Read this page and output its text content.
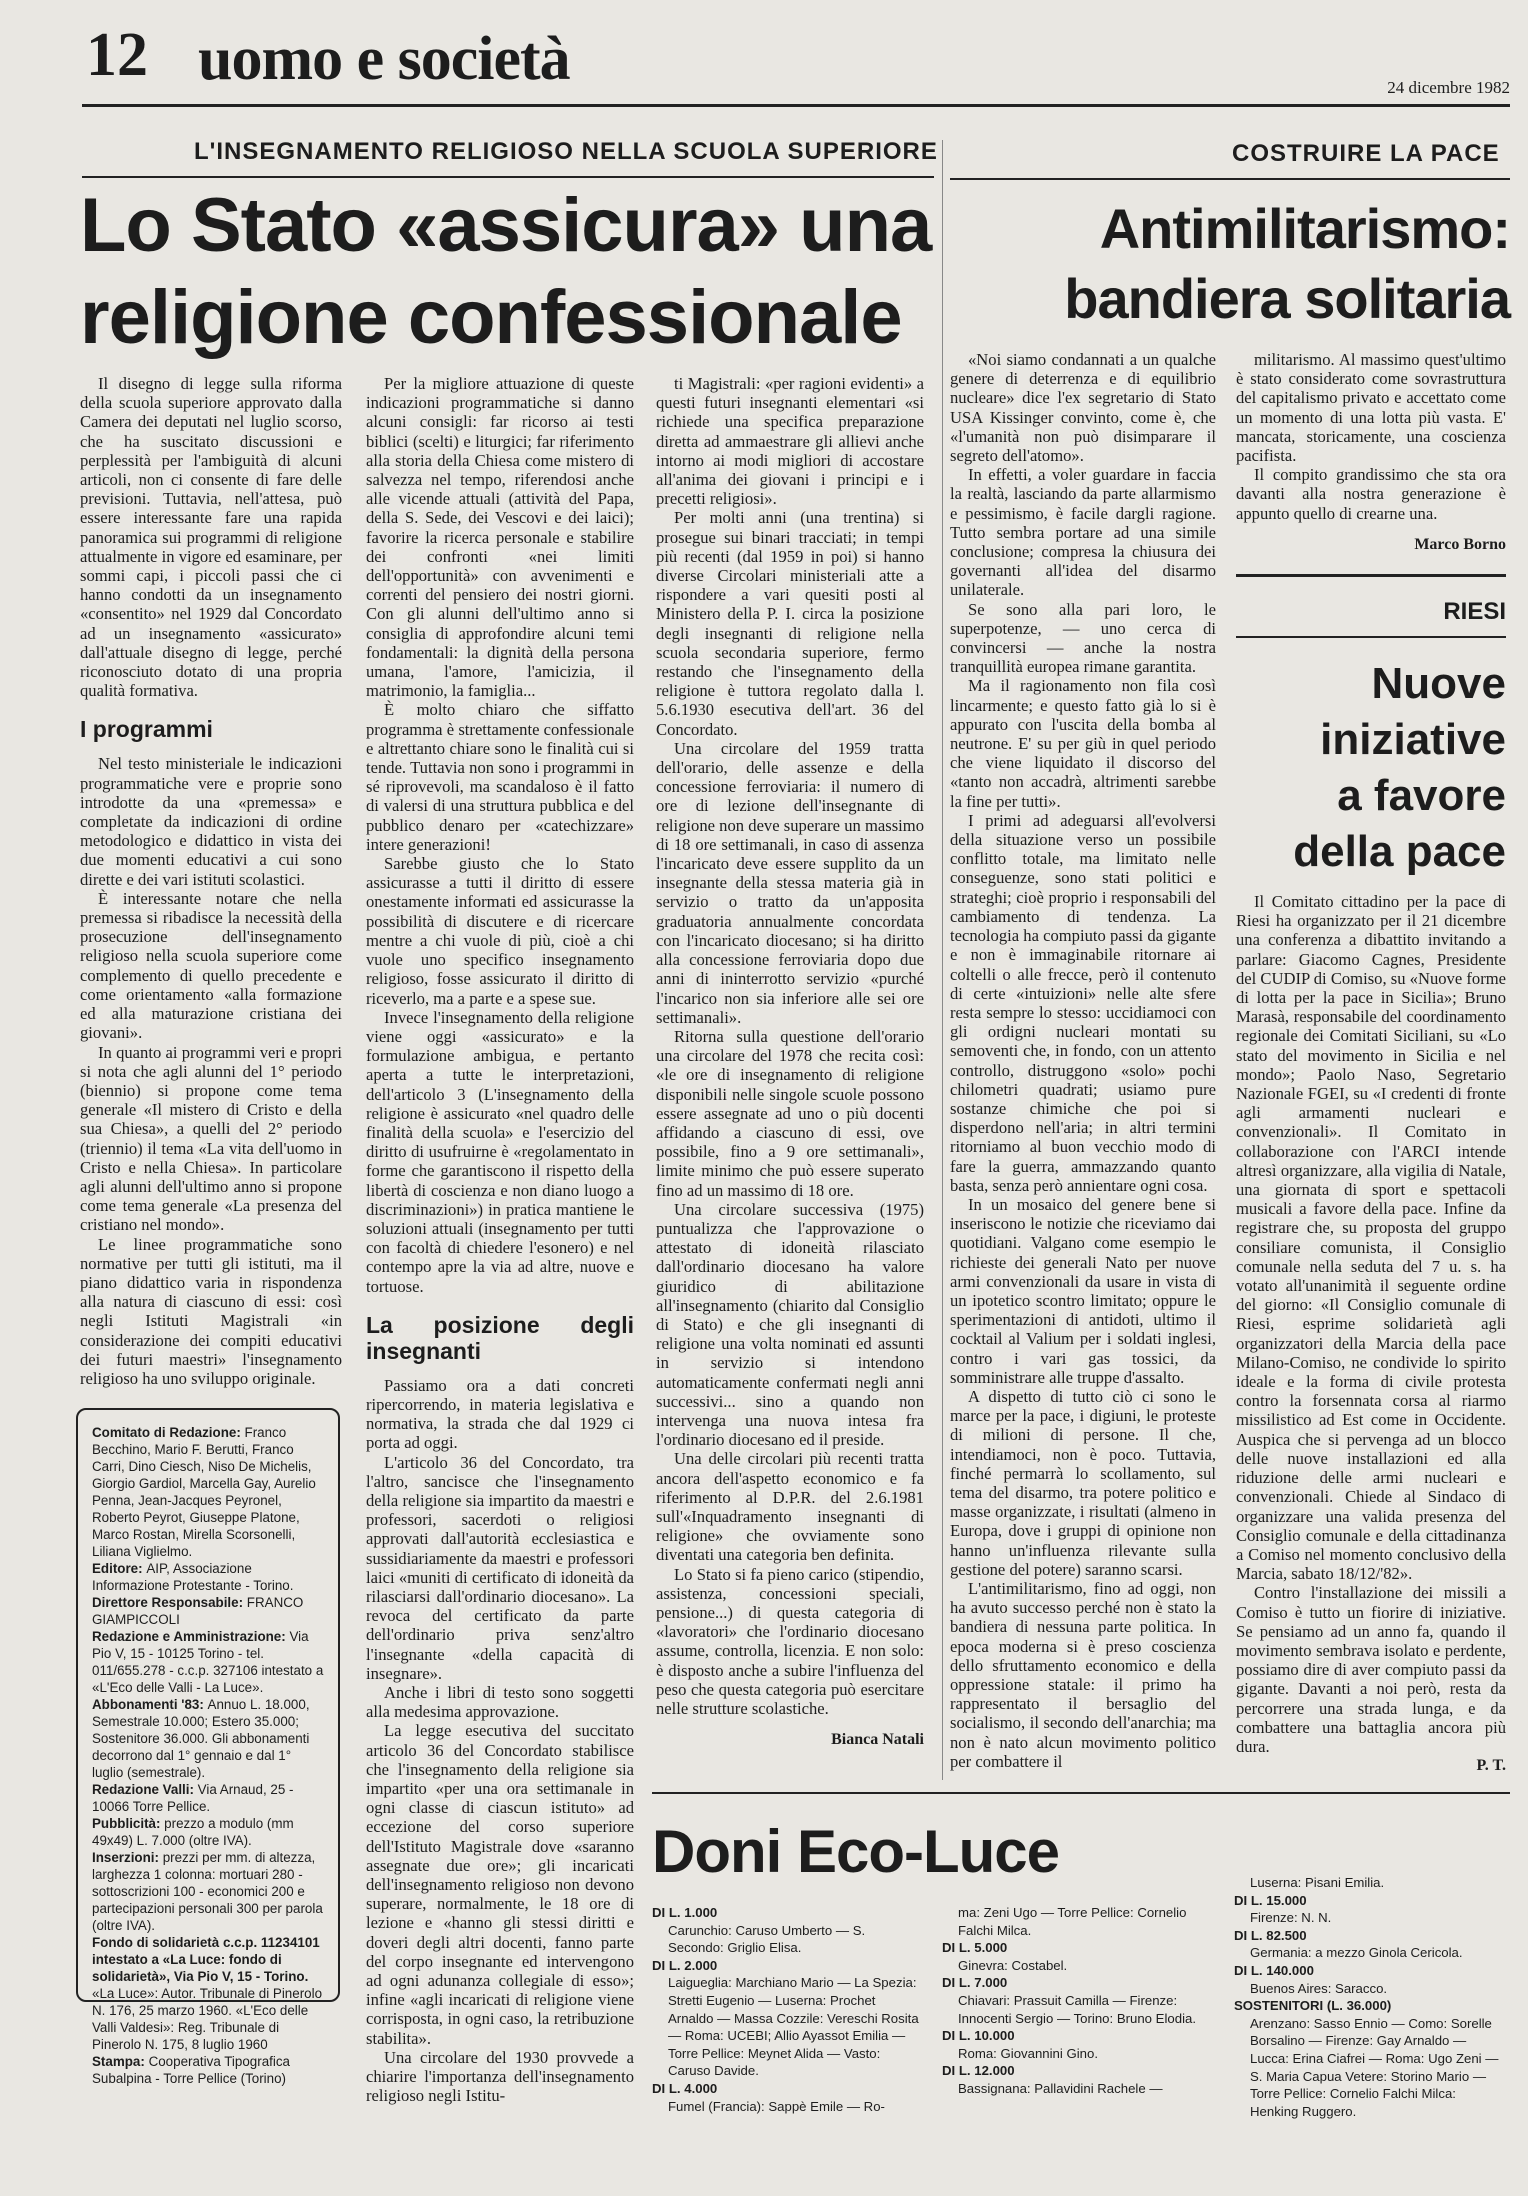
12 uomo e società	24 dicembre 1982
L'INSEGNAMENTO RELIGIOSO NELLA SCUOLA SUPERIORE
Lo Stato «assicura» una
religione confessionale
COSTRUIRE LA PACE
Antimilitarismo:
bandiera solitaria

Il disegno di legge sulla riforma della scuola superiore approvato dalla Camera dei deputati nel luglio scorso, che ha suscitato discussioni e perplessità per l'ambiguità di alcuni articoli, non ci consente di fare delle previsioni. Tuttavia, nell'attesa, può essere interessante fare una rapida panoramica sui programmi di religione attualmente in vigore ed esaminare, per sommi capi, i piccoli passi che ci hanno condotti da un insegnamento «consentito» nel 1929 dal Concordato ad un insegnamento «assicurato» dall'attuale disegno di legge, perché riconosciuto dotato di una propria qualità formativa.

I programmi

Nel testo ministeriale le indicazioni programmatiche vere e proprie sono introdotte da una «premessa» e completate da indicazioni di ordine metodologico e didattico in vista dei due momenti educativi a cui sono dirette e dei vari istituti scolastici.

È interessante notare che nella premessa si ribadisce la necessità della prosecuzione dell'insegnamento religioso nella scuola superiore come complemento di quello precedente e come orientamento «alla formazione ed alla maturazione cristiana dei giovani».

In quanto ai programmi veri e propri si nota che agli alunni del 1° periodo (biennio) si propone come tema generale «Il mistero di Cristo e della sua Chiesa», a quelli del 2° periodo (triennio) il tema «La vita dell'uomo in Cristo e nella Chiesa». In particolare agli alunni dell'ultimo anno si propone come tema generale «La presenza del cristiano nel mondo».

Le linee programmatiche sono normative per tutti gli istituti, ma il piano didattico varia in rispondenza alla natura di ciascuno di essi: così negli Istituti Magistrali «in considerazione dei compiti educativi dei futuri maestri» l'insegnamento religioso ha uno sviluppo originale.

Comitato di Redazione: Franco Becchino, Mario F. Berutti, Franco Carri, Dino Ciesch, Niso De Michelis, Giorgio Gardiol, Marcella Gay, Aurelio Penna, Jean-Jacques Peyronel, Roberto Peyrot, Giuseppe Platone, Marco Rostan, Mirella Scorsonelli, Liliana Viglielmo.

Editore: AIP, Associazione Informazione Protestante - Torino.

Direttore Responsabile: FRANCO GIAMPICCOLI

Redazione e Amministrazione: Via Pio V, 15 - 10125 Torino - tel. 011/655.278 - c.c.p. 327106 intestato a «L'Eco delle Valli - La Luce».

Abbonamenti '83: Annuo L. 18.000, Semestrale 10.000; Estero 35.000; Sostenitore 36.000. Gli abbonamenti decorrono dal 1° gennaio e dal 1° luglio (semestrale).

Redazione Valli: Via Arnaud, 25 - 10066 Torre Pellice.

Pubblicità: prezzo a modulo (mm 49x49) L. 7.000 (oltre IVA).

Inserzioni: prezzi per mm. di altezza, larghezza 1 colonna: mortuari 280 - sottoscrizioni 100 - economici 200 e partecipazioni personali 300 per parola (oltre IVA).

Fondo di solidarietà c.c.p. 11234101 intestato a «La Luce: fondo di solidarietà», Via Pio V, 15 - Torino. «La Luce»: Autor. Tribunale di Pinerolo N. 176, 25 marzo 1960. «L'Eco delle Valli Valdesi»: Reg. Tribunale di Pinerolo N. 175, 8 luglio 1960

Stampa: Cooperativa Tipografica Subalpina - Torre Pellice (Torino)

Per la migliore attuazione di queste indicazioni programmatiche si danno alcuni consigli: far ricorso ai testi biblici (scelti) e liturgici; far riferimento alla storia della Chiesa come mistero di salvezza nel tempo, riferendosi anche alle vicende attuali (attività del Papa, della S. Sede, dei Vescovi e dei laici); favorire la ricerca personale e stabilire dei confronti «nei limiti dell'opportunità» con avvenimenti e correnti del pensiero dei nostri giorni. Con gli alunni dell'ultimo anno si consiglia di approfondire alcuni temi fondamentali: la dignità della persona umana, l'amore, l'amicizia, il matrimonio, la famiglia...

È molto chiaro che siffatto programma è strettamente confessionale e altrettanto chiare sono le finalità cui si tende. Tuttavia non sono i programmi in sé riprovevoli, ma scandaloso è il fatto di valersi di una struttura pubblica e del pubblico denaro per «catechizzare» intere generazioni!

Sarebbe giusto che lo Stato assicurasse a tutti il diritto di essere onestamente informati ed assicurasse la possibilità di discutere e di ricercare mentre a chi vuole di più, cioè a chi vuole uno specifico insegnamento religioso, fosse assicurato il diritto di riceverlo, ma a parte e a spese sue.

Invece l'insegnamento della religione viene oggi «assicurato» e la formulazione ambigua, e pertanto aperta a tutte le interpretazioni, dell'articolo 3 (L'insegnamento della religione è assicurato «nel quadro delle finalità della scuola» e l'esercizio del diritto di usufruirne è «regolamentato in forme che garantiscono il rispetto della libertà di coscienza e non diano luogo a discriminazioni») in pratica mantiene le soluzioni attuali (insegnamento per tutti con facoltà di chiedere l'esonero) e nel contempo apre la via ad altre, nuove e tortuose.

La posizione degli insegnanti

Passiamo ora a dati concreti ripercorrendo, in materia legislativa e normativa, la strada che dal 1929 ci porta ad oggi.

L'articolo 36 del Concordato, tra l'altro, sancisce che l'insegnamento della religione sia impartito da maestri e professori, sacerdoti o religiosi approvati dall'autorità ecclesiastica e sussidiariamente da maestri e professori laici «muniti di certificato di idoneità da rilasciarsi dall'ordinario diocesano». La revoca del certificato da parte dell'ordinario priva senz'altro l'insegnante «della capacità di insegnare».

Anche i libri di testo sono soggetti alla medesima approvazione.

La legge esecutiva del succitato articolo 36 del Concordato stabilisce che l'insegnamento della religione sia impartito «per una ora settimanale in ogni classe di ciascun istituto» ad eccezione del corso superiore dell'Istituto Magistrale dove «saranno assegnate due ore»; gli incaricati dell'insegnamento religioso non devono superare, normalmente, le 18 ore di lezione e «hanno gli stessi diritti e doveri degli altri docenti, fanno parte del corpo insegnante ed intervengono ad ogni adunanza collegiale di esso»; infine «agli incaricati di religione viene corrisposta, in ogni caso, la retribuzione stabilita».

Una circolare del 1930 provvede a chiarire l'importanza dell'insegnamento religioso negli Istitu-

ti Magistrali: «per ragioni evidenti» a questi futuri insegnanti elementari «si richiede una specifica preparazione diretta ad ammaestrare gli allievi anche intorno ai modi migliori di accostare all'anima dei giovani i principi e i precetti religiosi».

Per molti anni (una trentina) si prosegue sui binari tracciati; in tempi più recenti (dal 1959 in poi) si hanno diverse Circolari ministeriali atte a rispondere a vari quesiti posti al Ministero della P. I. circa la posizione degli insegnanti di religione nella scuola secondaria superiore, fermo restando che l'insegnamento della religione è tuttora regolato dalla l. 5.6.1930 esecutiva dell'art. 36 del Concordato.

Una circolare del 1959 tratta dell'orario, delle assenze e della concessione ferroviaria: il numero di ore di lezione dell'insegnante di religione non deve superare un massimo di 18 ore settimanali, in caso di assenza l'incaricato deve essere supplito da un insegnante della stessa materia già in servizio o tratto da un'apposita graduatoria annualmente concordata con l'incaricato diocesano; si ha diritto alla concessione ferroviaria dopo due anni di ininterrotto servizio «purché l'incarico non sia inferiore alle sei ore settimanali».

Ritorna sulla questione dell'orario una circolare del 1978 che recita così: «le ore di insegnamento di religione disponibili nelle singole scuole possono essere assegnate ad uno o più docenti affidando a ciascuno di essi, ove possibile, fino a 9 ore settimanali», limite minimo che può essere superato fino ad un massimo di 18 ore.

Una circolare successiva (1975) puntualizza che l'approvazione o attestato di idoneità rilasciato dall'ordinario diocesano ha valore giuridico di abilitazione all'insegnamento (chiarito dal Consiglio di Stato) e che gli insegnanti di religione una volta nominati ed assunti in servizio si intendono automaticamente confermati negli anni successivi... sino a quando non intervenga una nuova intesa fra l'ordinario diocesano ed il preside.

Una delle circolari più recenti tratta ancora dell'aspetto economico e fa riferimento al D.P.R. del 2.6.1981 sull'«Inquadramento insegnanti di religione» che ovviamente sono diventati una categoria ben definita.

Lo Stato si fa pieno carico (stipendio, assistenza, concessioni speciali, pensione...) di questa categoria di «lavoratori» che l'ordinario diocesano assume, controlla, licenzia. E non solo: è disposto anche a subire l'influenza del peso che questa categoria può esercitare nelle strutture scolastiche.

Bianca Natali

«Noi siamo condannati a un qualche genere di deterrenza e di equilibrio nucleare» dice l'ex segretario di Stato USA Kissinger convinto, come è, che «l'umanità non può disimparare il segreto dell'atomo».

In effetti, a voler guardare in faccia la realtà, lasciando da parte allarmismo e pessimismo, è facile dargli ragione. Tutto sembra portare ad una simile conclusione; compresa la chiusura dei governanti all'idea del disarmo unilaterale.

Se sono alla pari loro, le superpotenze, — uno cerca di convincersi — anche la nostra tranquillità europea rimane garantita.

Ma il ragionamento non fila così lincarmente; e questo fatto già lo si è appurato con l'uscita della bomba al neutrone. E' su per giù in quel periodo che viene liquidato il discorso del «tanto non accadrà, altrimenti sarebbe la fine per tutti».

I primi ad adeguarsi all'evolversi della situazione verso un possibile conflitto totale, ma limitato nelle conseguenze, sono stati politici e strateghi; cioè proprio i responsabili del cambiamento di tendenza. La tecnologia ha compiuto passi da gigante e non è immaginabile ritornare ai coltelli o alle frecce, però il contenuto di certe «intuizioni» nelle alte sfere resta sempre lo stesso: uccidiamoci con gli ordigni nucleari montati su semoventi che, in fondo, con un attento controllo, distruggono «solo» pochi chilometri quadrati; usiamo pure sostanze chimiche che poi si disperdono nell'aria; in altri termini ritorniamo al buon vecchio modo di fare la guerra, ammazzando quanto basta, senza però annientare ogni cosa.

In un mosaico del genere bene si inseriscono le notizie che riceviamo dai quotidiani. Valgano come esempio le richieste dei generali Nato per nuove armi convenzionali da usare in vista di un ipotetico scontro limitato; oppure le sperimentazioni di antidoti, ultimo il cocktail al Valium per i soldati inglesi, contro i vari gas tossici, da somministrare alle truppe d'assalto.

A dispetto di tutto ciò ci sono le marce per la pace, i digiuni, le proteste di milioni di persone. Il che, intendiamoci, non è poco. Tuttavia, finché permarrà lo scollamento, sul tema del disarmo, tra potere politico e masse organizzate, i risultati (almeno in Europa, dove i gruppi di opinione non hanno un'influenza rilevante sulla gestione del potere) saranno scarsi.

L'antimilitarismo, fino ad oggi, non ha avuto successo perché non è stato la bandiera di nessuna parte politica. In epoca moderna si è preso coscienza dello sfruttamento economico e della oppressione statale: il primo ha rappresentato il bersaglio del socialismo, il secondo dell'anarchia; ma non è nato alcun movimento politico per combattere il

militarismo. Al massimo quest'ultimo è stato considerato come sovrastruttura del capitalismo privato e accettato come un momento di una lotta più vasta. E' mancata, storicamente, una coscienza pacifista.

Il compito grandissimo che sta ora davanti alla nostra generazione è appunto quello di crearne una.

Marco Borno
RIESI
Nuove
iniziative
a favore
della pace

Il Comitato cittadino per la pace di Riesi ha organizzato per il 21 dicembre una conferenza a dibattito invitando a parlare: Giacomo Cagnes, Presidente del CUDIP di Comiso, su «Nuove forme di lotta per la pace in Sicilia»; Bruno Marasà, responsabile del coordinamento regionale dei Comitati Siciliani, su «Lo stato del movimento in Sicilia e nel mondo»; Paolo Naso, Segretario Nazionale FGEI, su «I credenti di fronte agli armamenti nucleari e convenzionali». Il Comitato in collaborazione con l'ARCI intende altresì organizzare, alla vigilia di Natale, una giornata di sport e spettacoli musicali a favore della pace. Infine da registrare che, su proposta del gruppo consiliare comunista, il Consiglio comunale nella seduta del 7 u. s. ha votato all'unanimità il seguente ordine del giorno: «Il Consiglio comunale di Riesi, esprime solidarietà agli organizzatori della Marcia della pace Milano-Comiso, ne condivide lo spirito ideale e la forma di civile protesta contro la forsennata corsa al riarmo missilistico ad Est come in Occidente. Auspica che si pervenga ad un blocco delle nuove installazioni ed alla riduzione delle armi nucleari e convenzionali. Chiede al Sindaco di organizzare una valida presenza del Consiglio comunale e della cittadinanza a Comiso nel momento conclusivo della Marcia, sabato 18/12/'82».

Contro l'installazione dei missili a Comiso è tutto un fiorire di iniziative. Se pensiamo ad un anno fa, quando il movimento sembrava isolato e perdente, possiamo dire di aver compiuto passi da gigante. Davanti a noi però, resta da percorrere una strada lunga, e da combattere una battaglia ancora più dura.

P. T.
Doni Eco-Luce

DI L. 1.000

Carunchio: Caruso Umberto — S. Secondo: Griglio Elisa.

DI L. 2.000

Laigueglia: Marchiano Mario — La Spezia: Stretti Eugenio — Luserna: Prochet Arnaldo — Massa Cozzile: Vereschi Rosita — Roma: UCEBI; Allio Ayassot Emilia — Torre Pellice: Meynet Alida — Vasto: Caruso Davide.

DI L. 4.000

Fumel (Francia): Sappè Emile — Ro-

ma: Zeni Ugo — Torre Pellice: Cornelio Falchi Milca.

DI L. 5.000

Ginevra: Costabel.

DI L. 7.000

Chiavari: Prassuit Camilla — Firenze: Innocenti Sergio — Torino: Bruno Elodia.

DI L. 10.000

Roma: Giovannini Gino.

DI L. 12.000

Bassignana: Pallavidini Rachele —

Luserna: Pisani Emilia.

DI L. 15.000

Firenze: N. N.

DI L. 82.500

Germania: a mezzo Ginola Cericola.

DI L. 140.000

Buenos Aires: Saracco.

SOSTENITORI (L. 36.000)

Arenzano: Sasso Ennio — Como: Sorelle Borsalino — Firenze: Gay Arnaldo — Lucca: Erina Ciafrei — Roma: Ugo Zeni — S. Maria Capua Vetere: Storino Mario — Torre Pellice: Cornelio Falchi Milca: Henking Ruggero.
